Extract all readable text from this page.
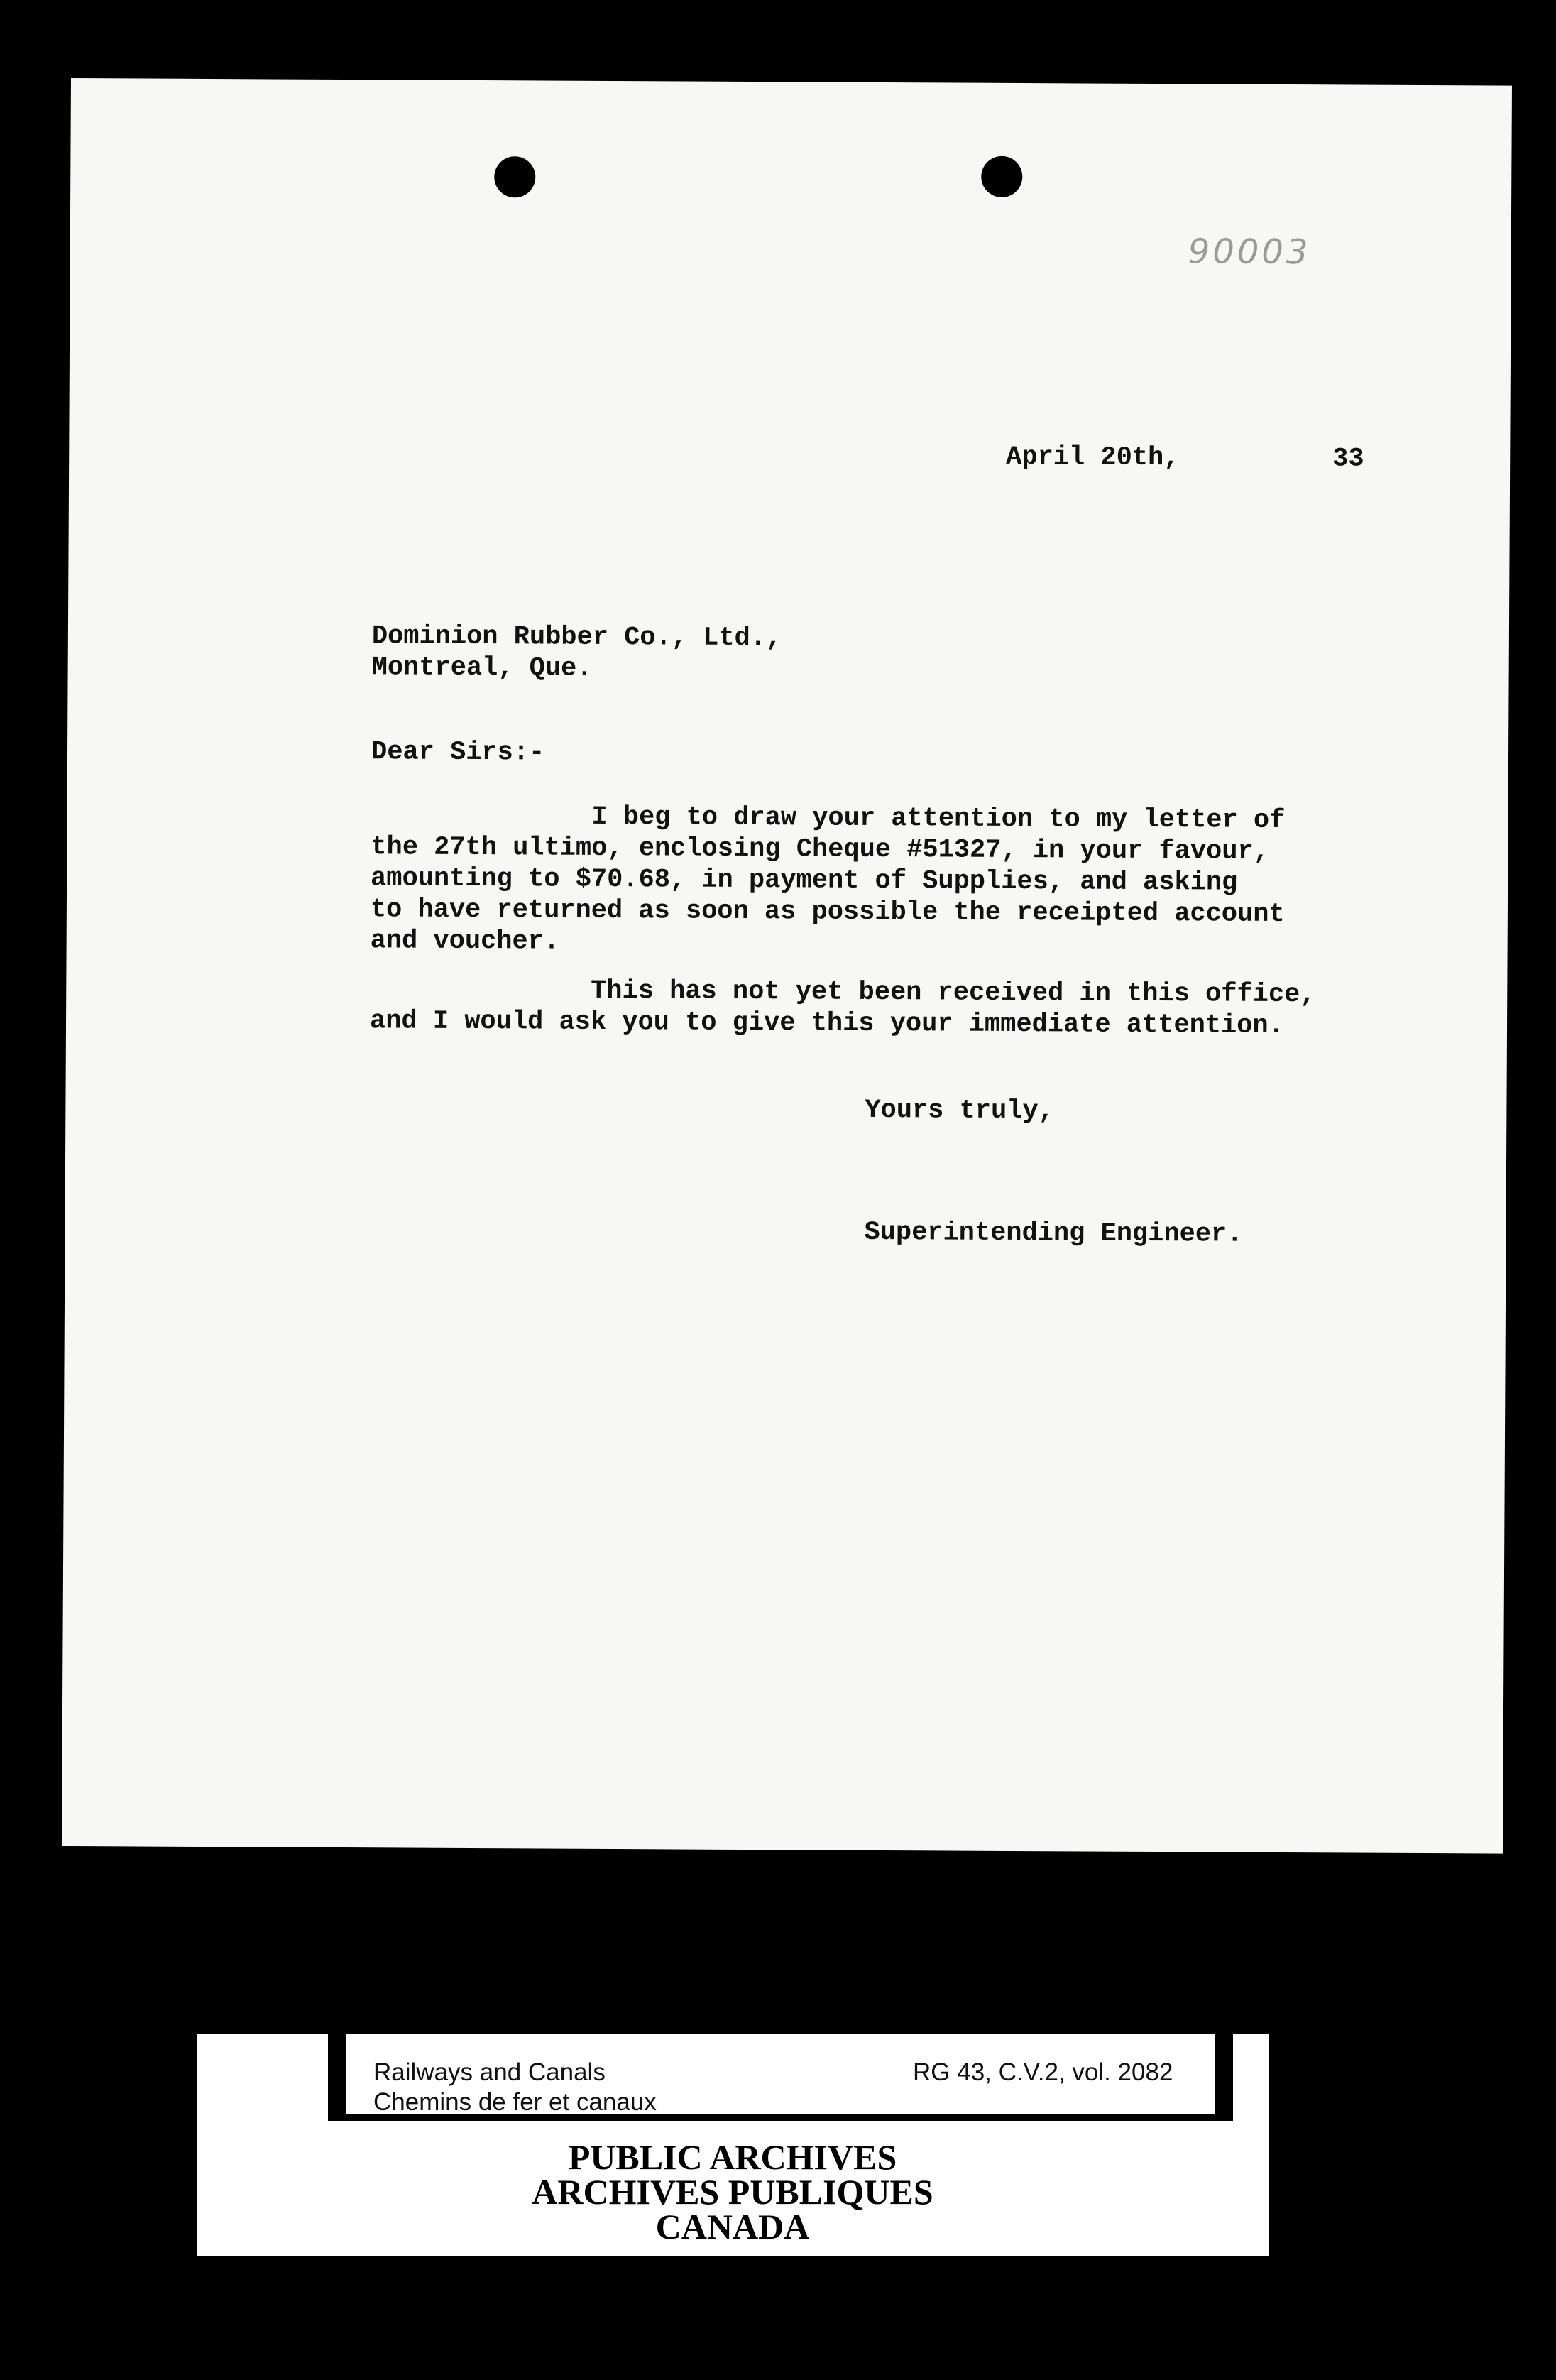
90003
April 20th,	33
Dominion Rubber Co., Ltd.,
Montreal, Que.
Dear Sirs:-
I beg to draw your attention to my letter of
the 27th ultimo, enclosing Cheque #51327, in your favour,
amounting to $70.68, in payment of Supplies, and asking
to have returned as soon as possible the receipted account
and voucher.
This has not yet been received in this office,
and I would ask you to give this your immediate attention.
Yours truly,
Superintending Engineer.
Railways and Canals
Chemins de fer et canaux
RG 43, C.V.2, vol. 2082
PUBLIC ARCHIVES
ARCHIVES PUBLIQUES
CANADA
